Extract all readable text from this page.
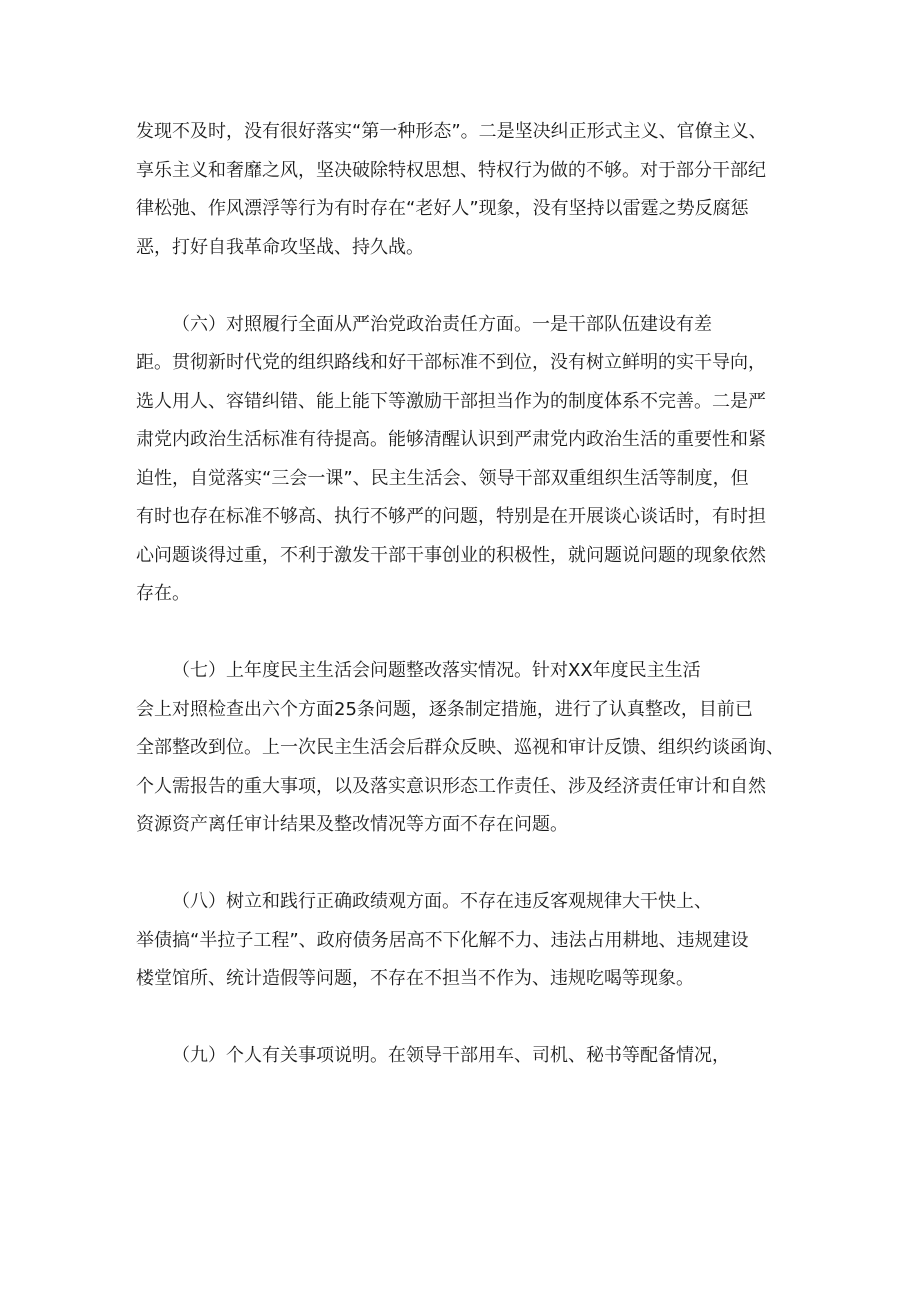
发现不及时，没有很好落实“第一种形态”。二是坚决纠正形式主义、官僚主义、
享乐主义和奢靡之风，坚决破除特权思想、特权行为做的不够。对于部分干部纪
律松弛、作风漂浮等行为有时存在“老好人”现象，没有坚持以雷霆之势反腐惩
恶，打好自我革命攻坚战、持久战。

（六）对照履行全面从严治党政治责任方面。一是干部队伍建设有差
距。贯彻新时代党的组织路线和好干部标准不到位，没有树立鲜明的实干导向，
选人用人、容错纠错、能上能下等激励干部担当作为的制度体系不完善。二是严
肃党内政治生活标准有待提高。能够清醒认识到严肃党内政治生活的重要性和紧
迫性，自觉落实“三会一课”、民主生活会、领导干部双重组织生活等制度，但
有时也存在标准不够高、执行不够严的问题，特别是在开展谈心谈话时，有时担
心问题谈得过重，不利于激发干部干事创业的积极性，就问题说问题的现象依然
存在。

（七）上年度民主生活会问题整改落实情况。针对XX年度民主生活
会上对照检查出六个方面25条问题，逐条制定措施，进行了认真整改，目前已
全部整改到位。上一次民主生活会后群众反映、巡视和审计反馈、组织约谈函询、
个人需报告的重大事项，以及落实意识形态工作责任、涉及经济责任审计和自然
资源资产离任审计结果及整改情况等方面不存在问题。

（八）树立和践行正确政绩观方面。不存在违反客观规律大干快上、
举债搞“半拉子工程”、政府债务居高不下化解不力、违法占用耕地、违规建设
楼堂馆所、统计造假等问题，不存在不担当不作为、违规吃喝等现象。

（九）个人有关事项说明。在领导干部用车、司机、秘书等配备情况，
